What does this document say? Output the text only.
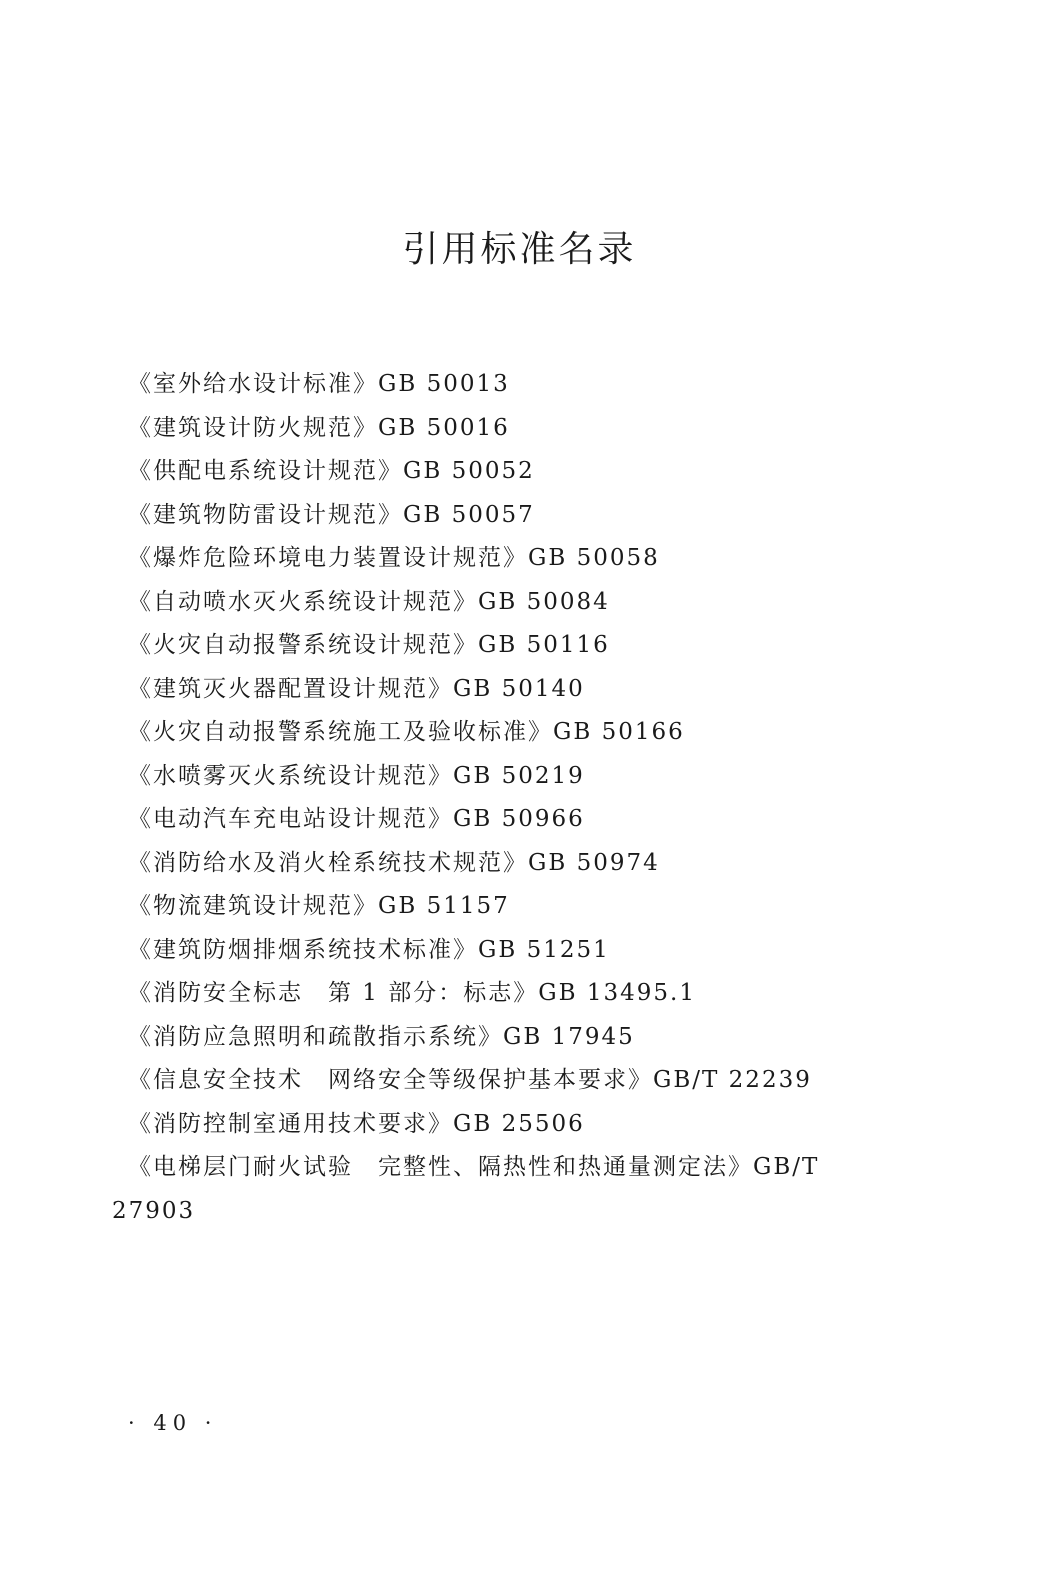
引用标准名录
《室外给水设计标准》GB 50013

《建筑设计防火规范》GB 50016

《供配电系统设计规范》GB 50052

《建筑物防雷设计规范》GB 50057

《爆炸危险环境电力装置设计规范》GB 50058

《自动喷水灭火系统设计规范》GB 50084

《火灾自动报警系统设计规范》GB 50116

《建筑灭火器配置设计规范》GB 50140

《火灾自动报警系统施工及验收标准》GB 50166

《水喷雾灭火系统设计规范》GB 50219

《电动汽车充电站设计规范》GB 50966

《消防给水及消火栓系统技术规范》GB 50974

《物流建筑设计规范》GB 51157

《建筑防烟排烟系统技术标准》GB 51251

《消防安全标志　第 1 部分：标志》GB 13495.1

《消防应急照明和疏散指示系统》GB 17945

《信息安全技术　网络安全等级保护基本要求》GB/T 22239

《消防控制室通用技术要求》GB 25506

《电梯层门耐火试验　完整性、隔热性和热通量测定法》GB/T
27903
· 40 ·
